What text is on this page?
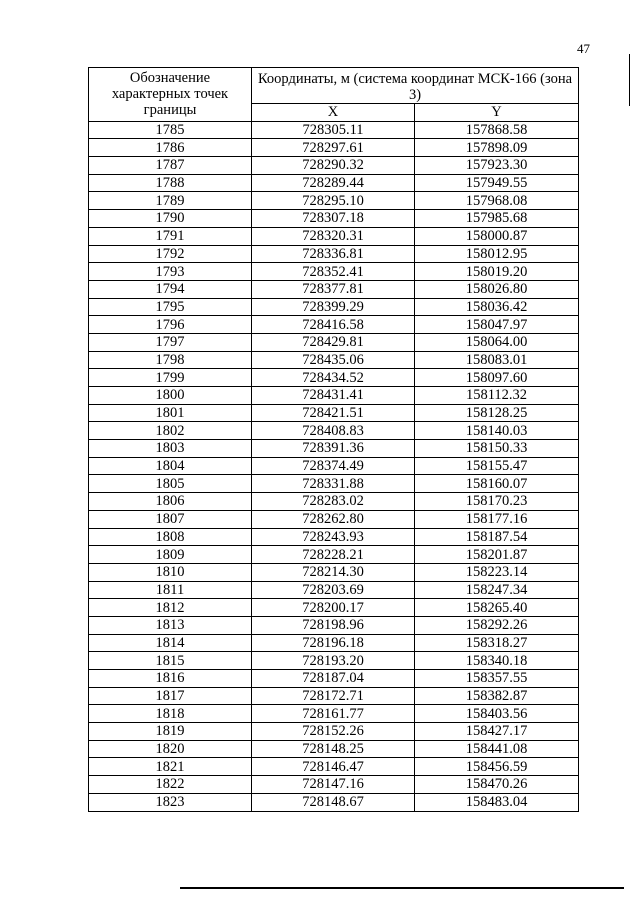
47
Обозначение характерных точек границы	Координаты, м (система координат МСК-166 (зона 3)	
	X	Y
1785	728305.11	157868.58
1786	728297.61	157898.09
1787	728290.32	157923.30
1788	728289.44	157949.55
1789	728295.10	157968.08
1790	728307.18	157985.68
1791	728320.31	158000.87
1792	728336.81	158012.95
1793	728352.41	158019.20
1794	728377.81	158026.80
1795	728399.29	158036.42
1796	728416.58	158047.97
1797	728429.81	158064.00
1798	728435.06	158083.01
1799	728434.52	158097.60
1800	728431.41	158112.32
1801	728421.51	158128.25
1802	728408.83	158140.03
1803	728391.36	158150.33
1804	728374.49	158155.47
1805	728331.88	158160.07
1806	728283.02	158170.23
1807	728262.80	158177.16
1808	728243.93	158187.54
1809	728228.21	158201.87
1810	728214.30	158223.14
1811	728203.69	158247.34
1812	728200.17	158265.40
1813	728198.96	158292.26
1814	728196.18	158318.27
1815	728193.20	158340.18
1816	728187.04	158357.55
1817	728172.71	158382.87
1818	728161.77	158403.56
1819	728152.26	158427.17
1820	728148.25	158441.08
1821	728146.47	158456.59
1822	728147.16	158470.26
1823	728148.67	158483.04
